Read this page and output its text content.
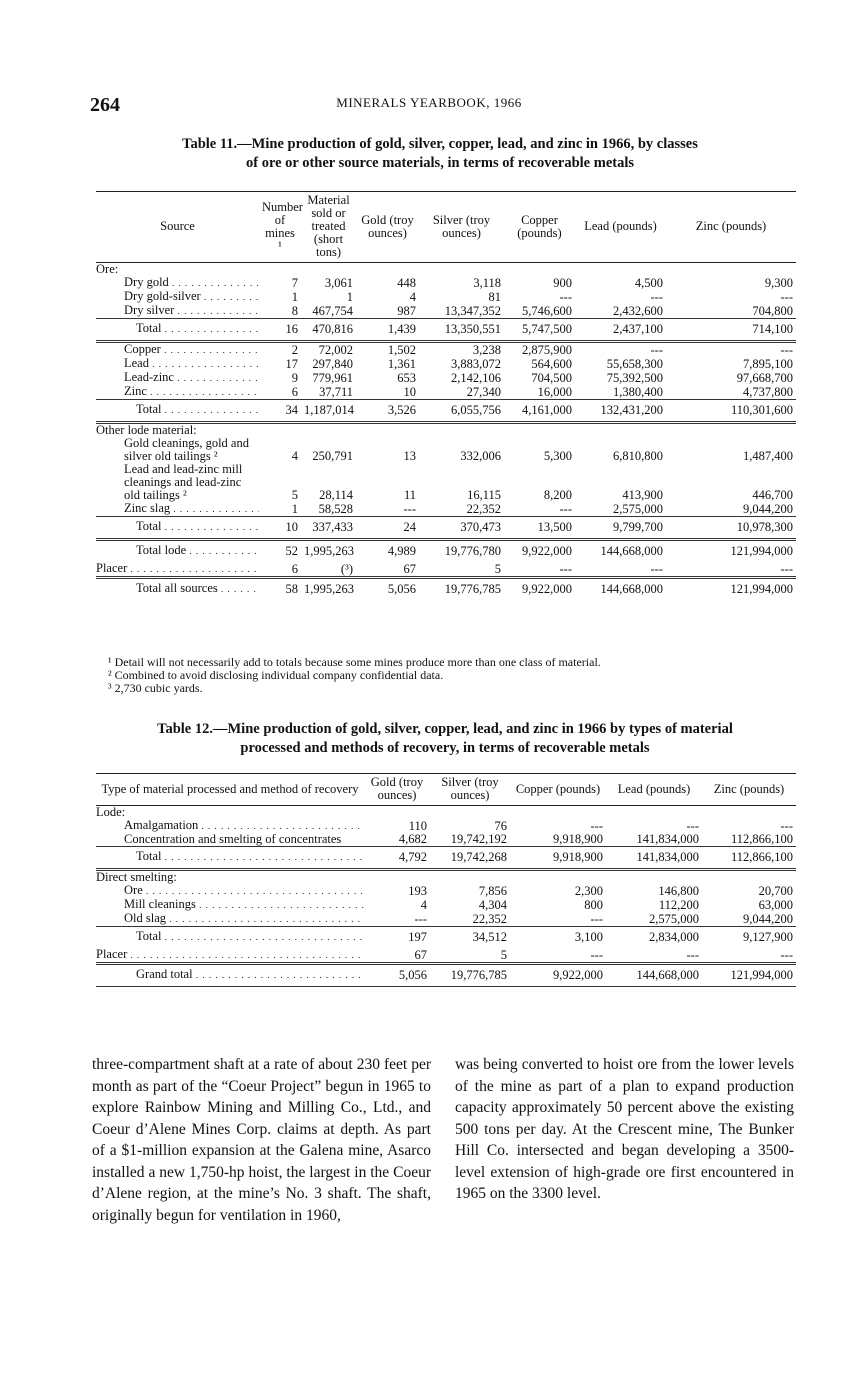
264	MINERALS YEARBOOK, 1966
Table 11.—Mine production of gold, silver, copper, lead, and zinc in 1966, by classes
of ore or other source materials, in terms of recoverable metals
Source	Number of mines ¹	Material sold or treated (short tons)	Gold (troy ounces)	Silver (troy ounces)	Copper (pounds)	Lead (pounds)	Zinc (pounds)
Ore:							
Dry gold . . .	7	3,061	448	3,118	900	4,500	9,300
Dry gold-silver . . .	1	1	4	81	---	---	---
Dry silver . . .	8	467,754	987	13,347,352	5,746,600	2,432,600	704,800
Total . . .	16	470,816	1,439	13,350,551	5,747,500	2,437,100	714,100
Copper . . .	2	72,002	1,502	3,238	2,875,900	---	---
Lead . . .	17	297,840	1,361	3,883,072	564,600	55,658,300	7,895,100
Lead-zinc . . .	9	779,961	653	2,142,106	704,500	75,392,500	97,668,700
Zinc . . .	6	37,711	10	27,340	16,000	1,380,400	4,737,800
Total . . .	34	1,187,014	3,526	6,055,756	4,161,000	132,431,200	110,301,600
Other lode material:							
Gold cleanings, gold and silver old tailings ²	4	250,791	13	332,006	5,300	6,810,800	1,487,400
Lead and lead-zinc mill cleanings and lead-zinc old tailings ²	5	28,114	11	16,115	8,200	413,900	446,700
Zinc slag . . .	1	58,528	---	22,352	---	2,575,000	9,044,200
Total . . .	10	337,433	24	370,473	13,500	9,799,700	10,978,300
Total lode . . .	52	1,995,263	4,989	19,776,780	9,922,000	144,668,000	121,994,000
Placer . . .	6	(³)	67	5	---	---	---
Total all sources . . .	58	1,995,263	5,056	19,776,785	9,922,000	144,668,000	121,994,000
¹ Detail will not necessarily add to totals because some mines produce more than one class of material.
² Combined to avoid disclosing individual company confidential data.
³ 2,730 cubic yards.
Table 12.—Mine production of gold, silver, copper, lead, and zinc in 1966 by types of material
processed and methods of recovery, in terms of recoverable metals
Type of material processed and method of recovery	Gold (troy ounces)	Silver (troy ounces)	Copper (pounds)	Lead (pounds)	Zinc (pounds)
Lode:					
Amalgamation . . .	110	76	---	---	---
Concentration and smelting of concentrates	4,682	19,742,192	9,918,900	141,834,000	112,866,100
Total . . .	4,792	19,742,268	9,918,900	141,834,000	112,866,100
Direct smelting:					
Ore . . .	193	7,856	2,300	146,800	20,700
Mill cleanings . . .	4	4,304	800	112,200	63,000
Old slag . . .	---	22,352	---	2,575,000	9,044,200
Total . . .	197	34,512	3,100	2,834,000	9,127,900
Placer . . .	67	5	---	---	---
Grand total . . .	5,056	19,776,785	9,922,000	144,668,000	121,994,000
three-compartment shaft at a rate of about 230 feet per month as part of the “Coeur Project” begun in 1965 to explore Rainbow Mining and Milling Co., Ltd., and Coeur d’Alene Mines Corp. claims at depth. As part of a $1-million expansion at the Galena mine, Asarco installed a new 1,750-hp hoist, the largest in the Coeur d’Alene region, at the mine’s No. 3 shaft. The shaft, originally begun for ventilation in 1960,
was being converted to hoist ore from the lower levels of the mine as part of a plan to expand production capacity approximately 50 percent above the existing 500 tons per day. At the Crescent mine, The Bunker Hill Co. intersected and began developing a 3500-level extension of high-grade ore first encountered in 1965 on the 3300 level.
